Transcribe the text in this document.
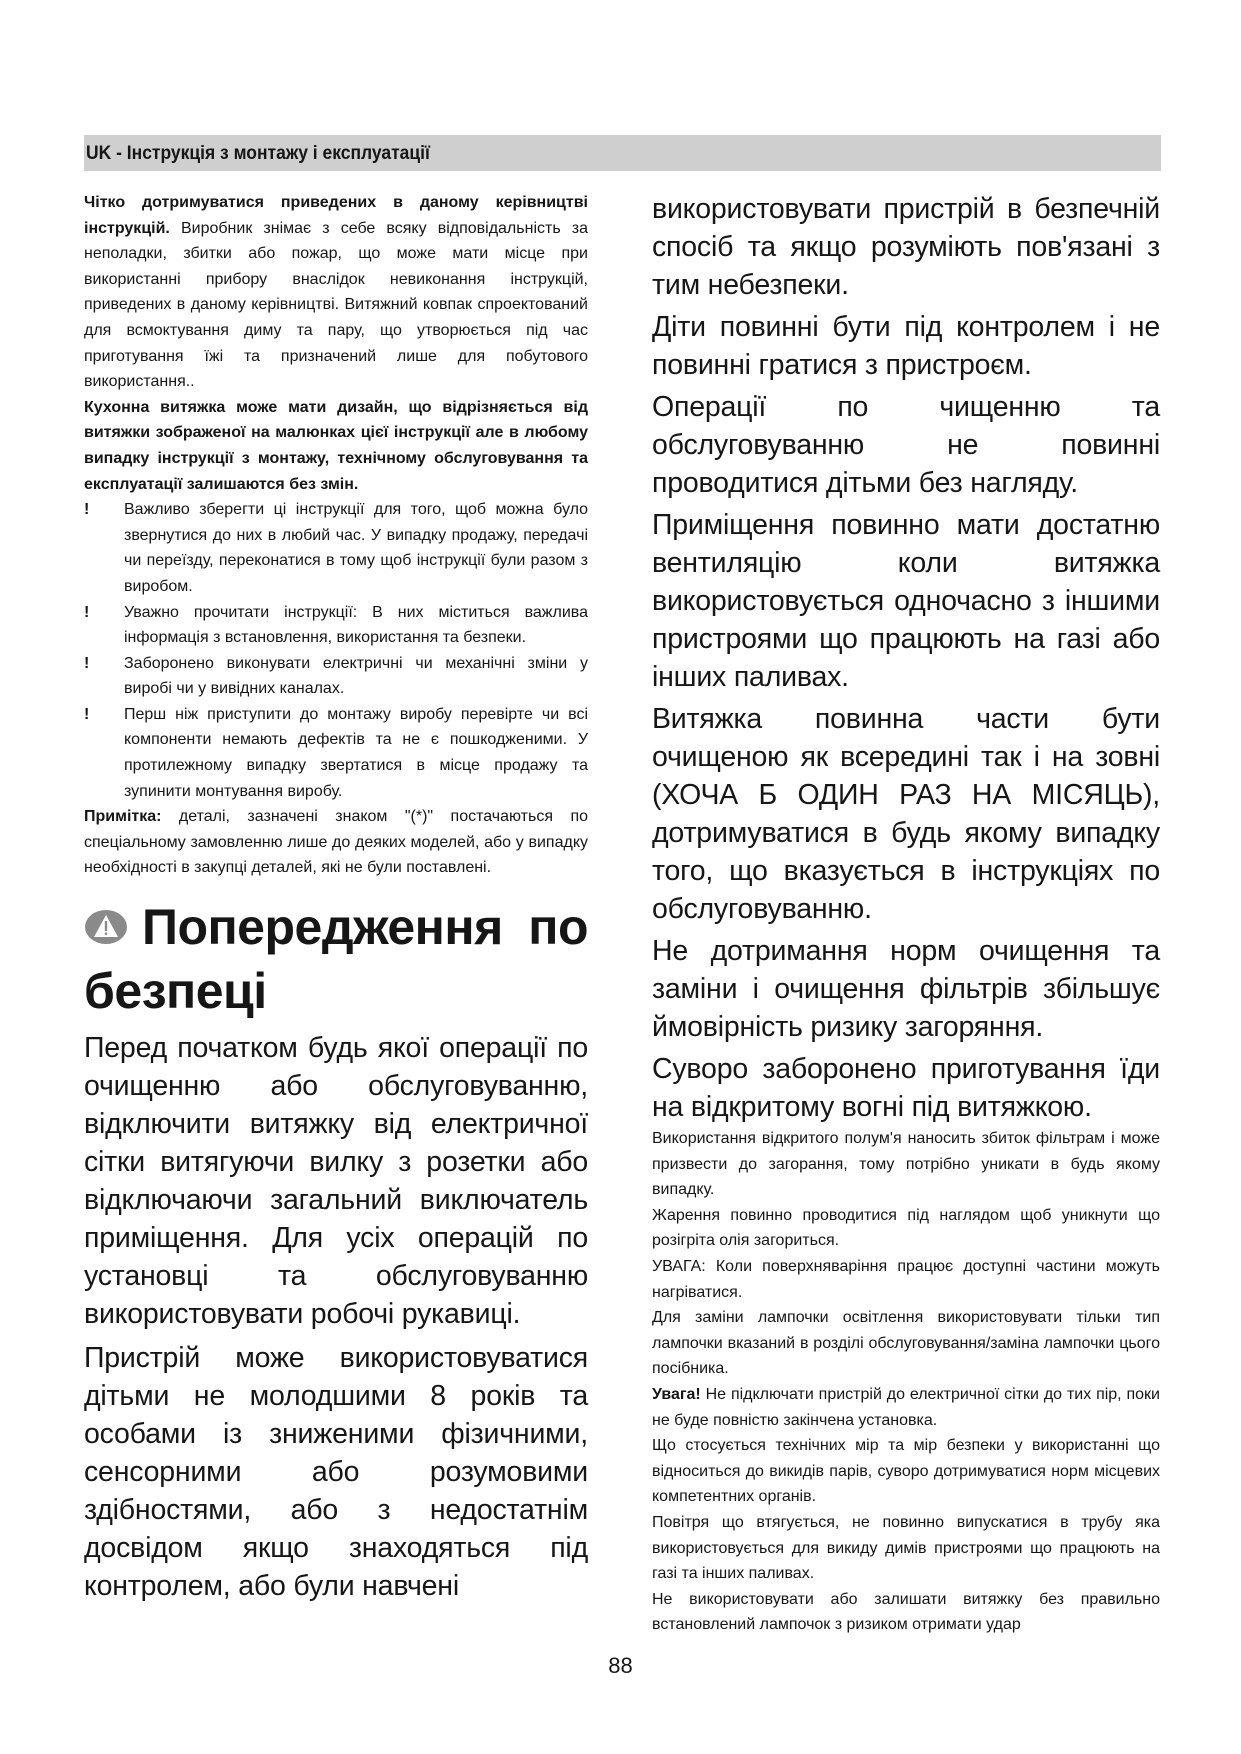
UK - Інструкція з монтажу і експлуатації

Чітко дотримуватися приведених в даному керівництві інструкцій. Виробник знімає з себе всяку відповідальність за неполадки, збитки або пожар, що може мати місце при використанні прибору внаслідок невиконання інструкцій, приведених в даному керівництві. Витяжний ковпак спроектований для всмоктування диму та пару, що утворюється під час приготування їжі та призначений лише для побутового використання..

Кухонна витяжка може мати дизайн, що відрізняється від витяжки зображеної на малюнках цієї інструкції але в любому випадку інструкції з монтажу, технічному обслуговування та експлуатації залишаются без змін.

! Важливо зберегти ці інструкції для того, щоб можна було звернутися до них в любий час. У випадку продажу, передачі чи переїзду, переконатися в тому щоб інструкції були разом з виробом.
! Уважно прочитати інструкції: В них міститься важлива інформація з встановлення, використання та безпеки.
! Заборонено виконувати електричні чи механічні зміни у виробі чи у вивідних каналах.
! Перш ніж приступити до монтажу виробу перевірте чи всі компоненти немають дефектів та не є пошкодженими. У протилежному випадку звертатися в місце продажу та зупинити монтування виробу.

Примітка: деталі, зазначені знаком "(*)" постачаються по спеціальному замовленню лише до деяких моделей, або у випадку необхідності в закупці деталей, які не були поставлені.

Попередження по безпеці

Перед початком будь якої операції по очищенню або обслуговуванню, відключити витяжку від електричної сітки витягуючи вилку з розетки або відключаючи загальний виключатель приміщення. Для усіх операцій по установці та обслуговуванню використовувати робочі рукавиці.

Пристрій може використовуватися дітьми не молодшими 8 років та особами із зниженими фізичними, сенсорними або розумовими здібностями, або з недостатнім досвідом якщо знаходяться під контролем, або були навчені

використовувати пристрій в безпечній спосіб та якщо розуміють пов'язані з тим небезпеки.

Діти повинні бути під контролем і не повинні гратися з пристроєм.

Операції по чищенню та обслуговуванню не повинні проводитися дітьми без нагляду.

Приміщення повинно мати достатню вентиляцію коли витяжка використовується одночасно з іншими пристроями що працюють на газі або інших паливах.

Витяжка повинна части бути очищеною як всередині так і на зовні (ХОЧА Б ОДИН РАЗ НА МІСЯЦЬ), дотримуватися в будь якому випадку того, що вказується в інструкціях по обслуговуванню.

Не дотримання норм очищення та заміни і очищення фільтрів збільшує ймовірність ризику загоряння.

Суворо заборонено приготування їди на відкритому вогні під витяжкою.

Використання відкритого полум'я наносить збиток фільтрам і може призвести до загорання, тому потрібно уникати в будь якому випадку.

Жарення повинно проводитися під наглядом щоб уникнути що розігріта олія загориться.

УВАГА: Коли поверхняваріння працює доступні частини можуть нагріватися.

Для заміни лампочки освітлення використовувати тільки тип лампочки вказаний в розділі обслуговування/заміна лампочки цього посібника.

Увага! Не підключати пристрій до електричної сітки до тих пір, поки не буде повністю закінчена установка.

Що стосується технічних мір та мір безпеки у використанні що відноситься до викидів парів, суворо дотримуватися норм місцевих компетентних органів.

Повітря що втягується, не повинно випускатися в трубу яка використовується для викиду димів пристроями що працюють на газі та інших паливах.

Не використовувати або залишати витяжку без правильно встановлений лампочок з ризиком отримати удар

88
